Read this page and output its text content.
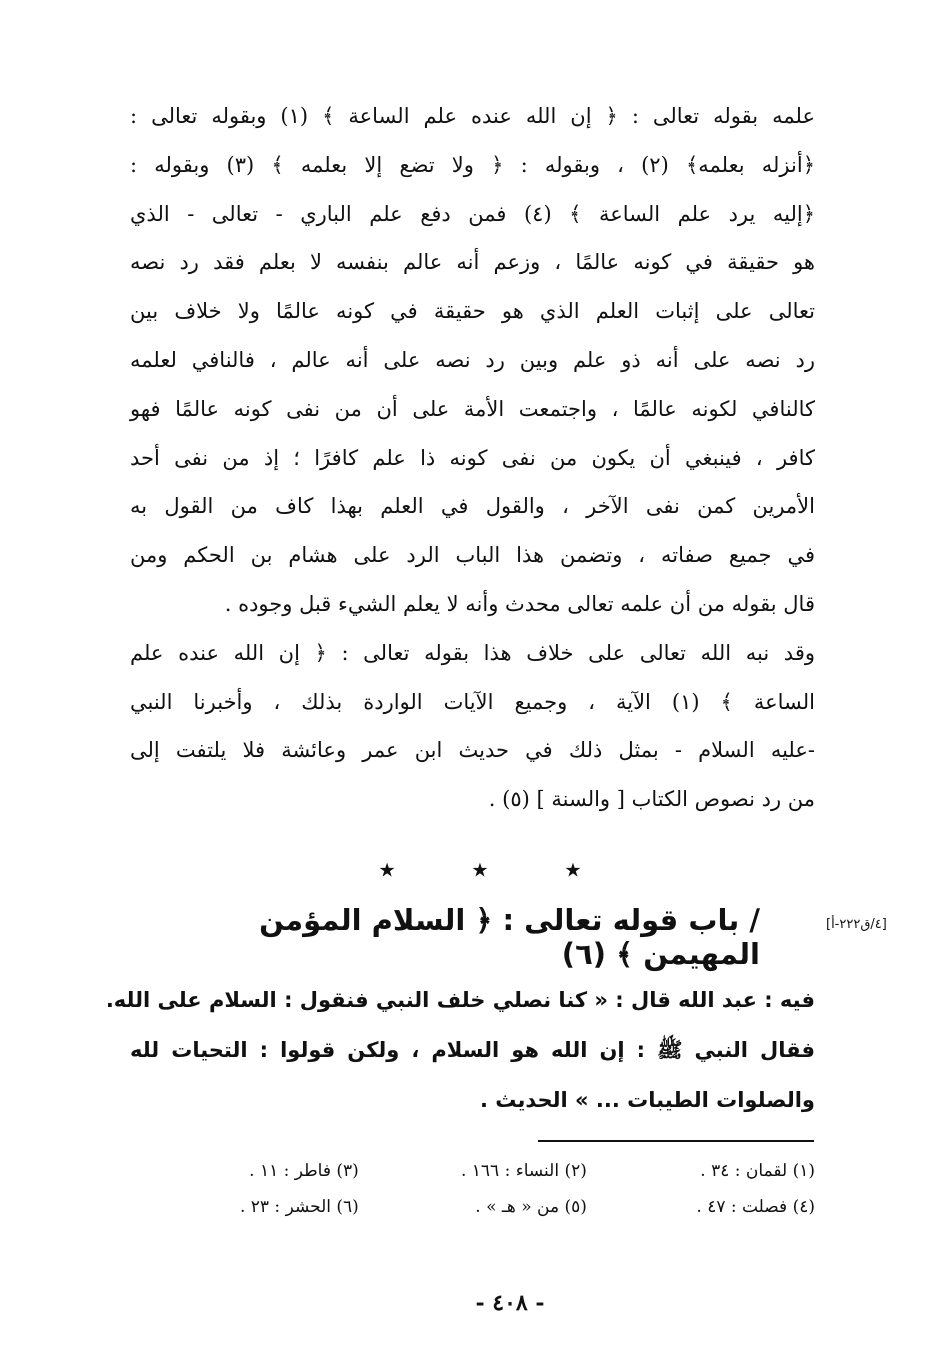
علمه بقوله تعالى : ﴿ إن الله عنده علم الساعة ﴾ (١) وبقوله تعالى :
﴿أنزله بعلمه﴾ (٢) ، وبقوله : ﴿ ولا تضع إلا بعلمه ﴾ (٣) وبقوله :
﴿إليه يرد علم الساعة ﴾ (٤) فمن دفع علم الباري - تعالى - الذي
هو حقيقة في كونه عالمًا ، وزعم أنه عالم بنفسه لا بعلم فقد رد نصه
تعالى على إثبات العلم الذي هو حقيقة في كونه عالمًا ولا خلاف بين
رد نصه على أنه ذو علم وبين رد نصه على أنه عالم ، فالنافي لعلمه
كالنافي لكونه عالمًا ، واجتمعت الأمة على أن من نفى كونه عالمًا فهو
كافر ، فينبغي أن يكون من نفى كونه ذا علم كافرًا ؛ إذ من نفى أحد
الأمرين كمن نفى الآخر ، والقول في العلم بهذا كاف من القول به
في جميع صفاته ، وتضمن هذا الباب الرد على هشام بن الحكم ومن
قال بقوله من أن علمه تعالى محدث وأنه لا يعلم الشيء قبل وجوده .
وقد نبه الله تعالى على خلاف هذا بقوله تعالى : ﴿ إن الله عنده علم
الساعة ﴾ (١) الآية ، وجميع الآيات الواردة بذلك ، وأخبرنا النبي
-عليه السلام - بمثل ذلك في حديث ابن عمر وعائشة فلا يلتفت إلى
من رد نصوص الكتاب [ والسنة ] (٥) .
٭	٭	٭
/ باب قوله تعالى : ﴿ السلام المؤمن المهيمن ﴾ (٦)
[٤/ق٢٢٢-أ]
فيه : عبد الله قال : « كنا نصلي خلف النبي فنقول : السلام على الله.
فقال النبي ﷺ : إن الله هو السلام ، ولكن قولوا : التحيات لله
والصلوات الطيبات ... » الحديث .
(١) لقمان : ٣٤ .
(٢) النساء : ١٦٦ .
(٣) فاطر : ١١ .
(٤) فصلت : ٤٧ .
(٥) من « هـ » .
(٦) الحشر : ٢٣ .
- ٤٠٨ -
